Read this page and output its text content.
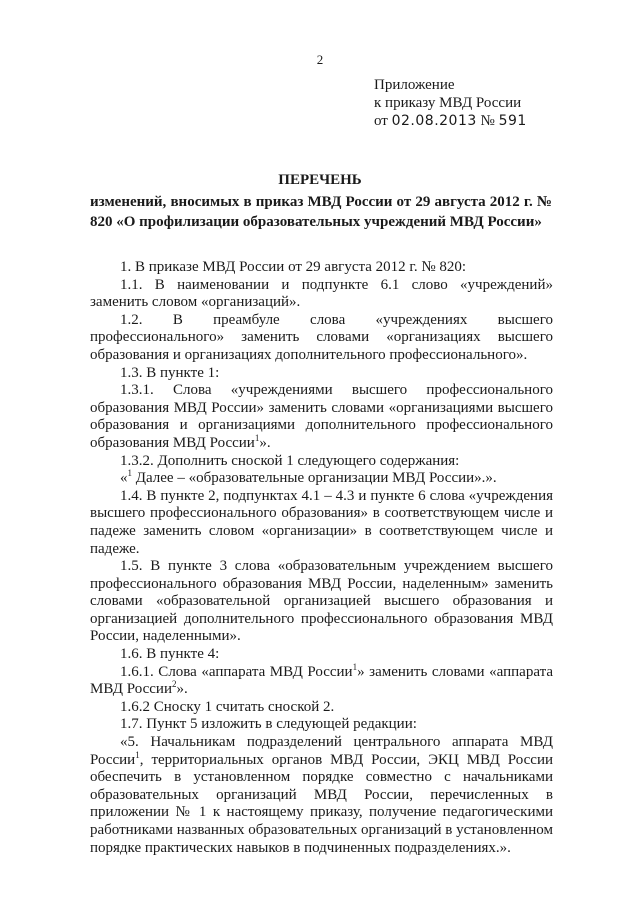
2
Приложение
к приказу МВД России
от 02.08.2013 № 591
ПЕРЕЧЕНЬ
изменений, вносимых в приказ МВД России от 29 августа 2012 г. № 820 «О профилизации образовательных учреждений МВД России»

1. В приказе МВД России от 29 августа 2012 г. № 820:

1.1. В наименовании и подпункте 6.1 слово «учреждений» заменить словом «организаций».

1.2. В преамбуле слова «учреждениях высшего профессионального» заменить словами «организациях высшего образования и организациях дополнительного профессионального».

1.3. В пункте 1:

1.3.1. Слова «учреждениями высшего профессионального образования МВД России» заменить словами «организациями высшего образования и организациями дополнительного профессионального образования МВД России$^1$».

1.3.2. Дополнить сноской 1 следующего содержания:

«$^1$ Далее – «образовательные организации МВД России».».

1.4. В пункте 2, подпунктах 4.1 – 4.3 и пункте 6 слова «учреждения высшего профессионального образования» в соответствующем числе и падеже заменить словом «организации» в соответствующем числе и падеже.

1.5. В пункте 3 слова «образовательным учреждением высшего профессионального образования МВД России, наделенным» заменить словами «образовательной организацией высшего образования и организацией дополнительного профессионального образования МВД России, наделенными».

1.6. В пункте 4:

1.6.1. Слова «аппарата МВД России$^1$» заменить словами «аппарата МВД России$^2$».

1.6.2 Сноску 1 считать сноской 2.

1.7. Пункт 5 изложить в следующей редакции:

«5. Начальникам подразделений центрального аппарата МВД России$^1$, территориальных органов МВД России, ЭКЦ МВД России обеспечить в установленном порядке совместно с начальниками образовательных организаций МВД России, перечисленных в приложении № 1 к настоящему приказу, получение педагогическими работниками названных образовательных организаций в установленном порядке практических навыков в подчиненных подразделениях.».
